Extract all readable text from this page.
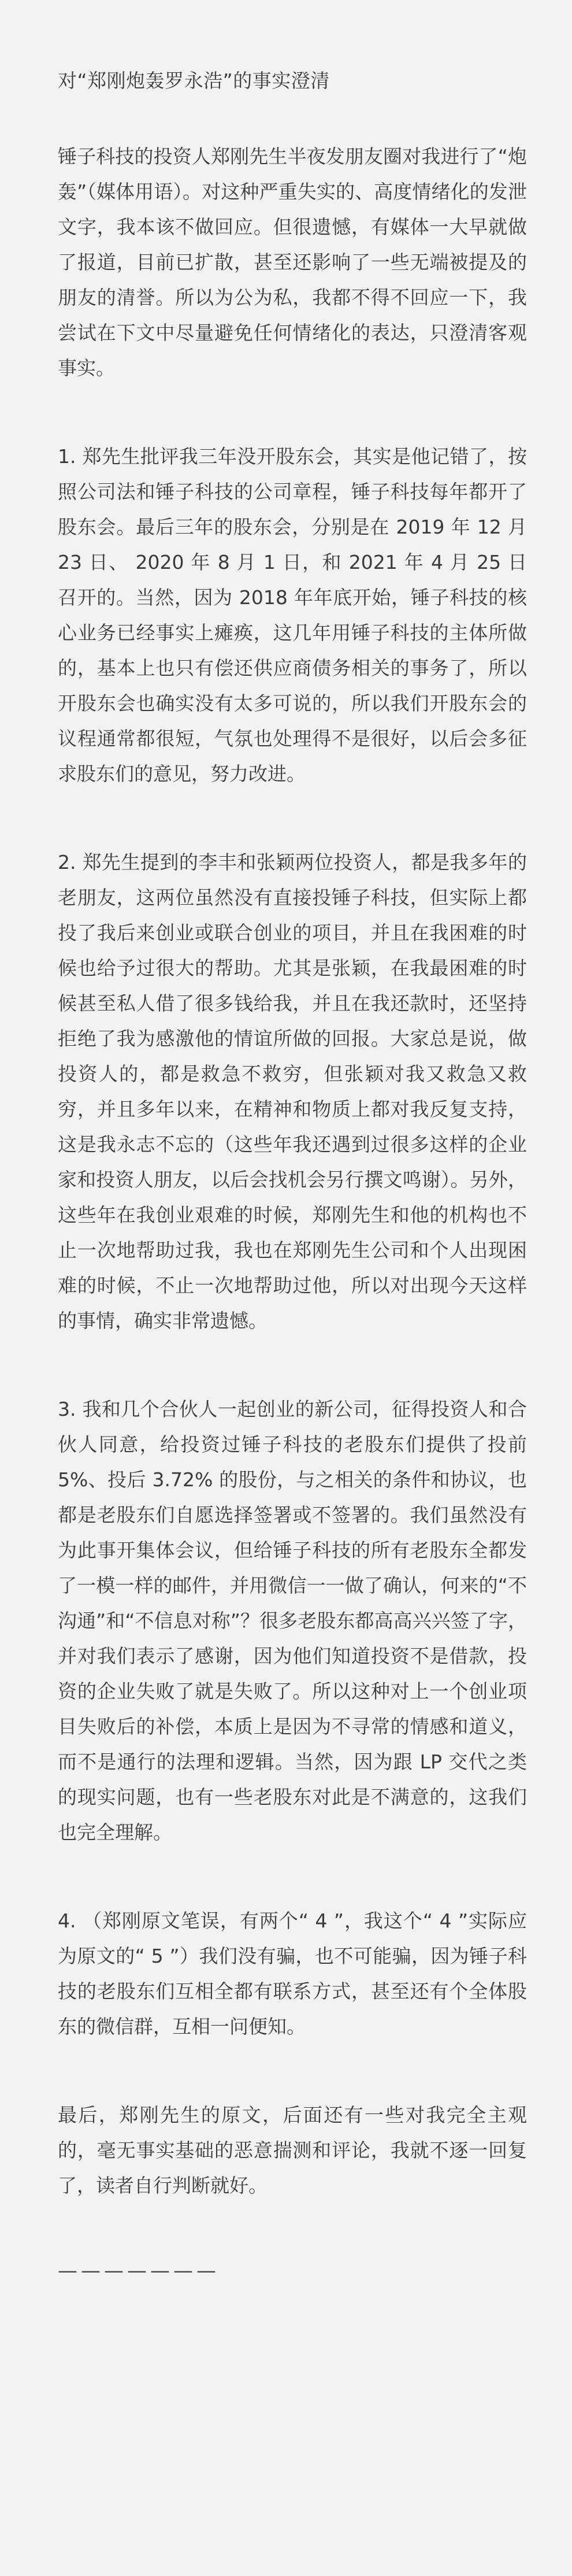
对“郑刚炮轰罗永浩”的事实澄清

锤子科技的投资人郑刚先生半夜发朋友圈对我进行了“炮轰”（媒体用语）。对这种严重失实的、高度情绪化的发泄文字，我本该不做回应。但很遗憾，有媒体一大早就做了报道，目前已扩散，甚至还影响了一些无端被提及的朋友的清誉。所以为公为私，我都不得不回应一下，我尝试在下文中尽量避免任何情绪化的表达，只澄清客观事实。

1. 郑先生批评我三年没开股东会，其实是他记错了，按照公司法和锤子科技的公司章程，锤子科技每年都开了股东会。最后三年的股东会，分别是在 2019 年 12 月 23 日、 2020 年 8 月 1 日，和 2021 年 4 月 25 日召开的。当然，因为 2018 年年底开始，锤子科技的核心业务已经事实上瘫痪，这几年用锤子科技的主体所做的，基本上也只有偿还供应商债务相关的事务了，所以开股东会也确实没有太多可说的，所以我们开股东会的议程通常都很短，气氛也处理得不是很好，以后会多征求股东们的意见，努力改进。

2. 郑先生提到的李丰和张颖两位投资人，都是我多年的老朋友，这两位虽然没有直接投锤子科技，但实际上都投了我后来创业或联合创业的项目，并且在我困难的时候也给予过很大的帮助。尤其是张颖，在我最困难的时候甚至私人借了很多钱给我，并且在我还款时，还坚持拒绝了我为感激他的情谊所做的回报。大家总是说，做投资人的，都是救急不救穷，但张颖对我又救急又救穷，并且多年以来，在精神和物质上都对我反复支持，这是我永志不忘的（这些年我还遇到过很多这样的企业家和投资人朋友，以后会找机会另行撰文鸣谢）。另外，这些年在我创业艰难的时候，郑刚先生和他的机构也不止一次地帮助过我，我也在郑刚先生公司和个人出现困难的时候，不止一次地帮助过他，所以对出现今天这样的事情，确实非常遗憾。

3. 我和几个合伙人一起创业的新公司，征得投资人和合伙人同意，给投资过锤子科技的老股东们提供了投前 5%、投后 3.72% 的股份，与之相关的条件和协议，也都是老股东们自愿选择签署或不签署的。我们虽然没有为此事开集体会议，但给锤子科技的所有老股东全都发了一模一样的邮件，并用微信一一做了确认，何来的“不沟通”和“不信息对称”？很多老股东都高高兴兴签了字，并对我们表示了感谢，因为他们知道投资不是借款，投资的企业失败了就是失败了。所以这种对上一个创业项目失败后的补偿，本质上是因为不寻常的情感和道义，而不是通行的法理和逻辑。当然，因为跟 LP 交代之类的现实问题，也有一些老股东对此是不满意的，这我们也完全理解。

4. （郑刚原文笔误，有两个“ 4 ”，我这个“ 4 ”实际应为原文的“ 5 ”）我们没有骗，也不可能骗，因为锤子科技的老股东们互相全都有联系方式，甚至还有个全体股东的微信群，互相一问便知。

最后，郑刚先生的原文，后面还有一些对我完全主观的，毫无事实基础的恶意揣测和评论，我就不逐一回复了，读者自行判断就好。

———————
